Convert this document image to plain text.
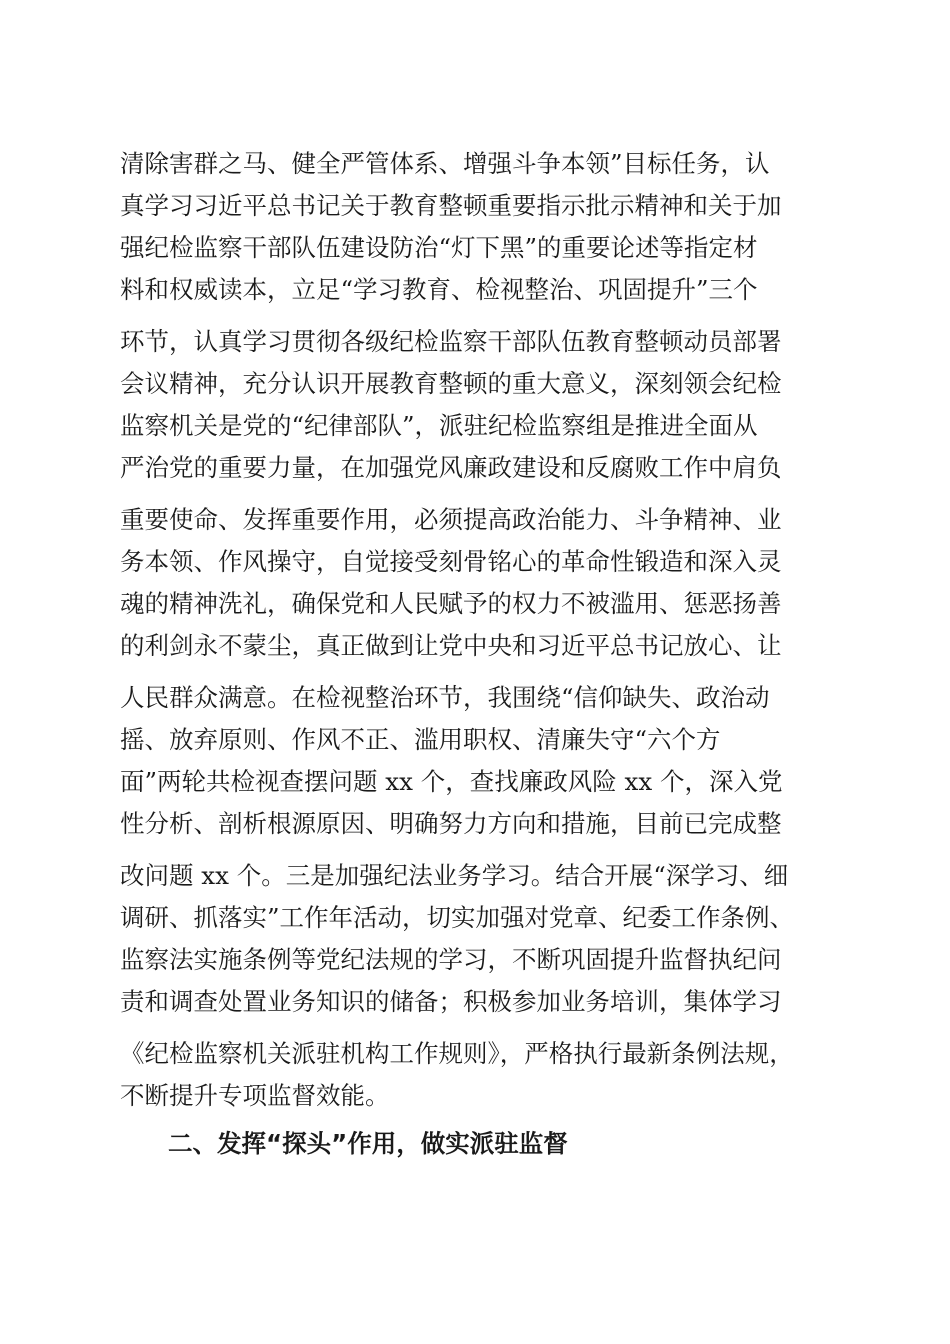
清除害群之马、健全严管体系、增强斗争本领”目标任务，认

真学习习近平总书记关于教育整顿重要指示批示精神和关于加

强纪检监察干部队伍建设防治“灯下黑”的重要论述等指定材

料和权威读本，立足“学习教育、检视整治、巩固提升”三个

环节，认真学习贯彻各级纪检监察干部队伍教育整顿动员部署

会议精神，充分认识开展教育整顿的重大意义，深刻领会纪检

监察机关是党的“纪律部队”，派驻纪检监察组是推进全面从

严治党的重要力量，在加强党风廉政建设和反腐败工作中肩负

重要使命、发挥重要作用，必须提高政治能力、斗争精神、业

务本领、作风操守，自觉接受刻骨铭心的革命性锻造和深入灵

魂的精神洗礼，确保党和人民赋予的权力不被滥用、惩恶扬善

的利剑永不蒙尘，真正做到让党中央和习近平总书记放心、让

人民群众满意。在检视整治环节，我围绕“信仰缺失、政治动

摇、放弃原则、作风不正、滥用职权、清廉失守“六个方

面”两轮共检视查摆问题 xx 个，查找廉政风险 xx 个，深入党

性分析、剖析根源原因、明确努力方向和措施，目前已完成整

改问题 xx 个。三是加强纪法业务学习。结合开展“深学习、细

调研、抓落实”工作年活动，切实加强对党章、纪委工作条例、

监察法实施条例等党纪法规的学习，不断巩固提升监督执纪问

责和调查处置业务知识的储备；积极参加业务培训，集体学习

《纪检监察机关派驻机构工作规则》，严格执行最新条例法规，

不断提升专项监督效能。

二、发挥“探头”作用，做实派驻监督
